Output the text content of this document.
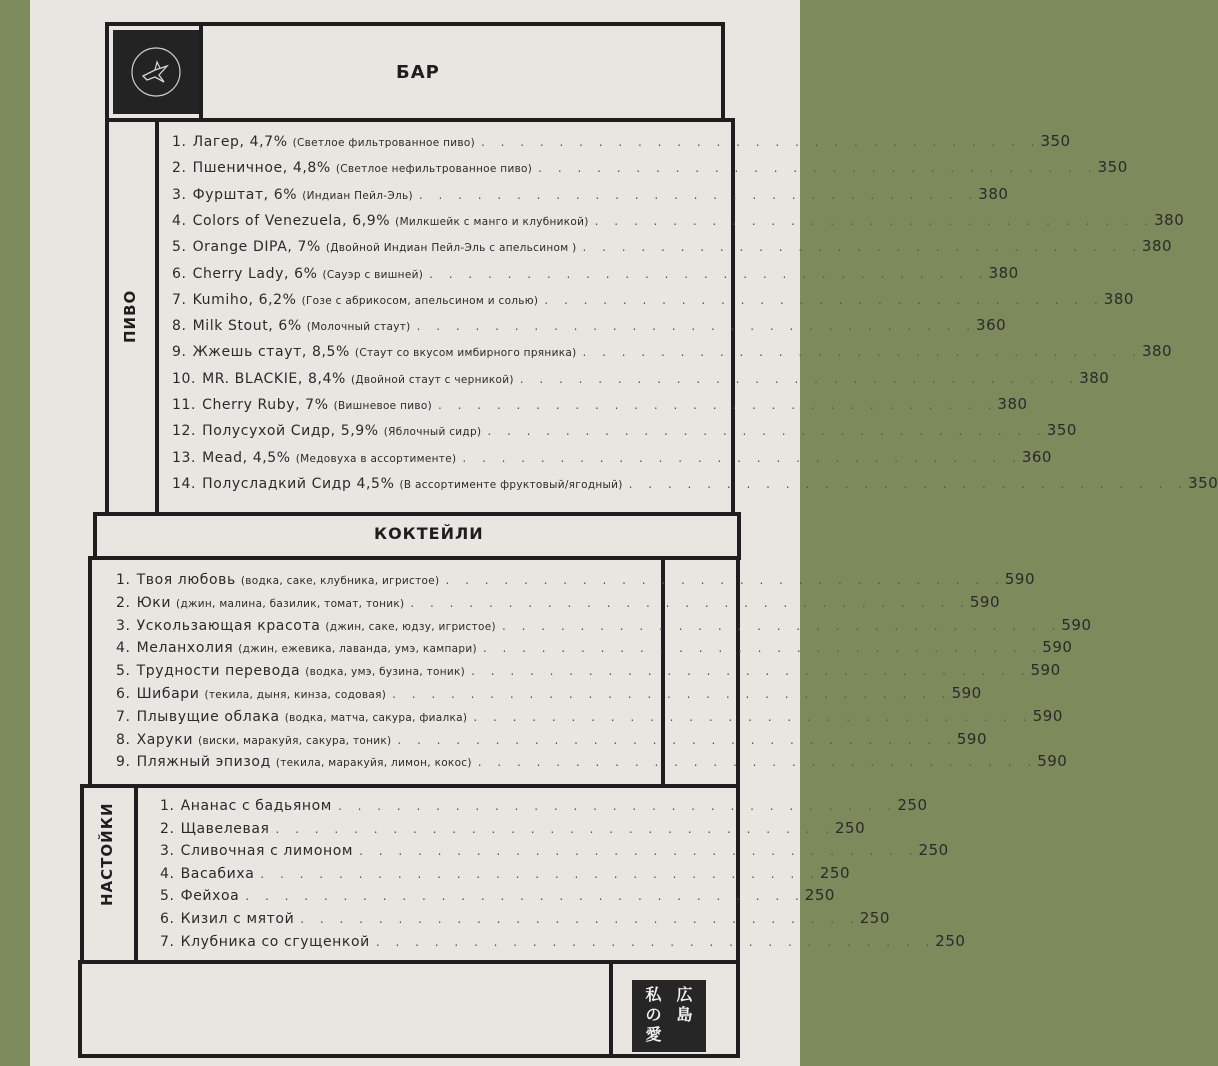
БАР
ПИВО
1. Лагер, 4,7% (Светлое фильтрованное пиво) . . . . . . . . . . . . . . . . . . . . . . . . . . . . . 350
2. Пшеничное, 4,8% (Светлое нефильтрованное пиво) . . . . . . . . . . . . . . . . . . . . . . . . . . . . . 350
3. Фурштат, 6% (Индиан Пейл-Эль) . . . . . . . . . . . . . . . . . . . . . . . . . . . . . 380
4. Colors of Venezuela, 6,9% (Милкшейк с манго и клубникой) . . . . . . . . . . . . . . . . . . . . . . . . . . . . . 380
5. Orange DIPA, 7% (Двойной Индиан Пейл-Эль с апельсином ) . . . . . . . . . . . . . . . . . . . . . . . . . . . . . 380
6. Cherry Lady, 6% (Сауэр с вишней) . . . . . . . . . . . . . . . . . . . . . . . . . . . . . 380
7. Kumiho, 6,2% (Гозе с абрикосом, апельсином и солью) . . . . . . . . . . . . . . . . . . . . . . . . . . . . . 380
8. Milk Stout, 6% (Молочный стаут) . . . . . . . . . . . . . . . . . . . . . . . . . . . . . 360
9. Жжешь стаут, 8,5% (Стаут со вкусом имбирного пряника) . . . . . . . . . . . . . . . . . . . . . . . . . . . . . 380
10. MR. BLACKIE, 8,4% (Двойной стаут с черникой) . . . . . . . . . . . . . . . . . . . . . . . . . . . . . 380
11. Cherry Ruby, 7% (Вишневое пиво) . . . . . . . . . . . . . . . . . . . . . . . . . . . . . 380
12. Полусухой Сидр, 5,9% (Яблочный сидр) . . . . . . . . . . . . . . . . . . . . . . . . . . . . . 350
13. Mead, 4,5% (Медовуха в ассортименте) . . . . . . . . . . . . . . . . . . . . . . . . . . . . . 360
14. Полусладкий Сидр 4,5% (В ассортименте фруктовый/ягодный) . . . . . . . . . . . . . . . . . . . . . . . . . . . . . 350
КОКТЕЙЛИ
1. Твоя любовь (водка, саке, клубника, игристое) . . . . . . . . . . . . . . . . . . . . . . . . . . . . . 590
2. Юки (джин, малина, базилик, томат, тоник) . . . . . . . . . . . . . . . . . . . . . . . . . . . . . 590
3. Ускользающая красота (джин, саке, юдзу, игристое) . . . . . . . . . . . . . . . . . . . . . . . . . . . . . 590
4. Меланхолия (джин, ежевика, лаванда, умэ, кампари) . . . . . . . . . . . . . . . . . . . . . . . . . . . . . 590
5. Трудности перевода (водка, умэ, бузина, тоник) . . . . . . . . . . . . . . . . . . . . . . . . . . . . . 590
6. Шибари (текила, дыня, кинза, содовая) . . . . . . . . . . . . . . . . . . . . . . . . . . . . . 590
7. Плывущие облака (водка, матча, сакура, фиалка) . . . . . . . . . . . . . . . . . . . . . . . . . . . . . 590
8. Харуки (виски, маракуйя, сакура, тоник) . . . . . . . . . . . . . . . . . . . . . . . . . . . . . 590
9. Пляжный эпизод (текила, маракуйя, лимон, кокос) . . . . . . . . . . . . . . . . . . . . . . . . . . . . . 590
НАСТОЙКИ	1. Ананас с бадьяном . . . . . . . . . . . . . . . . . . . . . . . . . . . . . 250
2. Щавелевая . . . . . . . . . . . . . . . . . . . . . . . . . . . . . 250
3. Сливочная с лимоном . . . . . . . . . . . . . . . . . . . . . . . . . . . . . 250
4. Васабиха . . . . . . . . . . . . . . . . . . . . . . . . . . . . . 250
5. Фейхоа . . . . . . . . . . . . . . . . . . . . . . . . . . . . . 250
6. Кизил с мятой . . . . . . . . . . . . . . . . . . . . . . . . . . . . . 250
7. Клубника со сгущенкой . . . . . . . . . . . . . . . . . . . . . . . . . . . . . 250
私 広
の 島
愛
